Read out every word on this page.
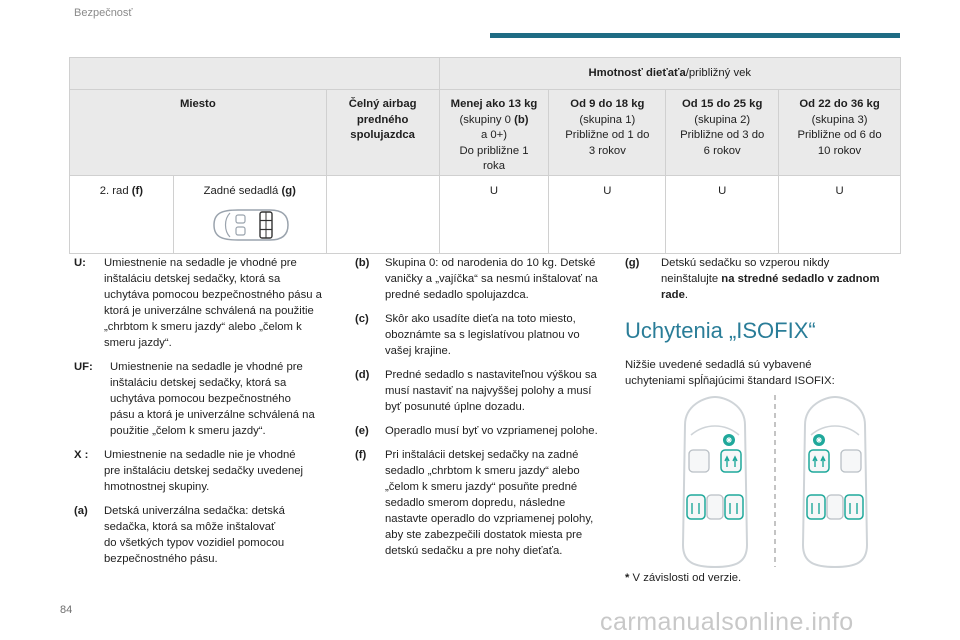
Bezpečnosť
			Hmotnosť dieťaťa/približný vek			
Miesto		Čelný airbag
predného
spolujazdca	Menej ako 13 kg
(skupiny 0 (b)
a 0+)
Do približne 1
roka	Od 9 do 18 kg
(skupina 1)
Približne od 1 do
3 rokov	Od 15 do 25 kg
(skupina 2)
Približne od 3 do
6 rokov	Od 22 do 36 kg
(skupina 3)
Približne od 6 do
10 rokov

2. rad (f)	Zadné sedadlá (g)		U	U	U	U
U: Umiestnenie na sedadle je vhodné pre
inštaláciu detskej sedačky, ktorá sa
uchytáva pomocou bezpečnostného pásu a
ktorá je univerzálne schválená na použitie
„chrbtom k smeru jazdy“ alebo „čelom k
smeru jazdy“.
UF: Umiestnenie na sedadle je vhodné pre
inštaláciu detskej sedačky, ktorá sa
uchytáva pomocou bezpečnostného
pásu a ktorá je univerzálne schválená na
použitie „čelom k smeru jazdy“.
X : Umiestnenie na sedadle nie je vhodné
pre inštaláciu detskej sedačky uvedenej
hmotnostnej skupiny.
(a) Detská univerzálna sedačka: detská
sedačka, ktorá sa môže inštalovať
do všetkých typov vozidiel pomocou
bezpečnostného pásu.
(b) Skupina 0: od narodenia do 10 kg. Detské
vaničky a „vajíčka“ sa nesmú inštalovať na
predné sedadlo spolujazdca.
(c) Skôr ako usadíte dieťa na toto miesto,
oboznámte sa s legislatívou platnou vo
vašej krajine.
(d) Predné sedadlo s nastaviteľnou výškou sa
musí nastaviť na najvyššej polohy a musí
byť posunuté úplne dozadu.
(e) Operadlo musí byť vo vzpriamenej polohe.
(f) Pri inštalácii detskej sedačky na zadné
sedadlo „chrbtom k smeru jazdy“ alebo
„čelom k smeru jazdy“ posuňte predné
sedadlo smerom dopredu, následne
nastavte operadlo do vzpriamenej polohy,
aby ste zabezpečili dostatok miesta pre
detskú sedačku a pre nohy dieťaťa.
(g) Detskú sedačku so vzperou nikdy
neinštalujte na stredné sedadlo v zadnom
rade.
Uchytenia „ISOFIX“
Nižšie uvedené sedadlá sú vybavené
uchyteniami spĺňajúcimi štandard ISOFIX:
* V závislosti od verzie.
84	carmanualsonline.info
